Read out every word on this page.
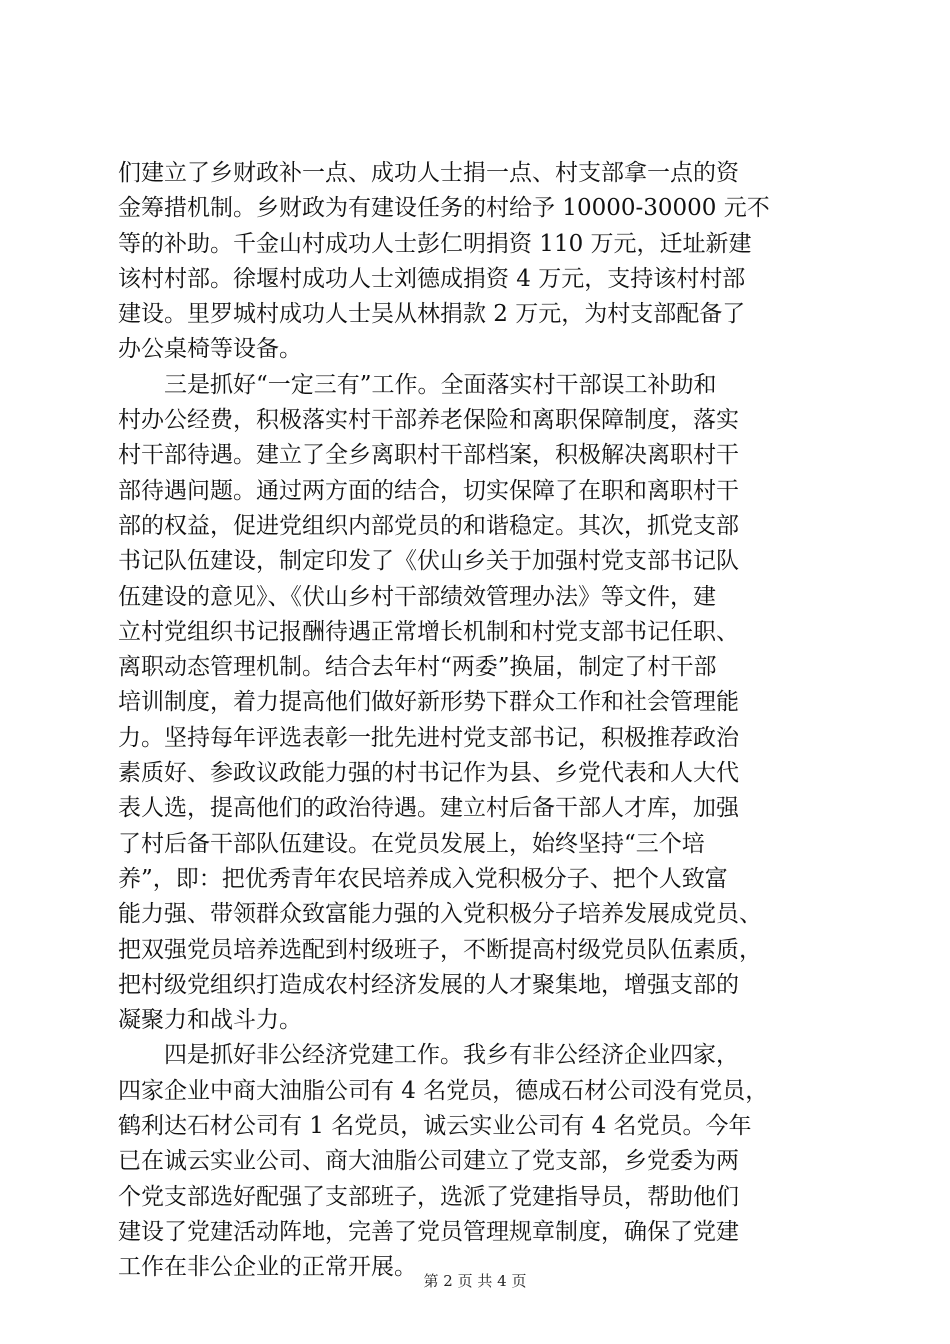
们建立了乡财政补一点、成功人士捐一点、村支部拿一点的资
金筹措机制。乡财政为有建设任务的村给予 10000-30000 元不
等的补助。千金山村成功人士彭仁明捐资 110 万元，迁址新建
该村村部。徐堰村成功人士刘德成捐资 4 万元，支持该村村部
建设。里罗城村成功人士吴从林捐款 2 万元，为村支部配备了
办公桌椅等设备。
　　三是抓好“一定三有”工作。全面落实村干部误工补助和
村办公经费，积极落实村干部养老保险和离职保障制度，落实
村干部待遇。建立了全乡离职村干部档案，积极解决离职村干
部待遇问题。通过两方面的结合，切实保障了在职和离职村干
部的权益，促进党组织内部党员的和谐稳定。其次，抓党支部
书记队伍建设，制定印发了《伏山乡关于加强村党支部书记队
伍建设的意见》、《伏山乡村干部绩效管理办法》等文件，建
立村党组织书记报酬待遇正常增长机制和村党支部书记任职、
离职动态管理机制。结合去年村“两委”换届，制定了村干部
培训制度，着力提高他们做好新形势下群众工作和社会管理能
力。坚持每年评选表彰一批先进村党支部书记，积极推荐政治
素质好、参政议政能力强的村书记作为县、乡党代表和人大代
表人选，提高他们的政治待遇。建立村后备干部人才库，加强
了村后备干部队伍建设。在党员发展上，始终坚持“三个培
养”，即：把优秀青年农民培养成入党积极分子、把个人致富
能力强、带领群众致富能力强的入党积极分子培养发展成党员、
把双强党员培养选配到村级班子，不断提高村级党员队伍素质，
把村级党组织打造成农村经济发展的人才聚集地，增强支部的
凝聚力和战斗力。
　　四是抓好非公经济党建工作。我乡有非公经济企业四家，
四家企业中商大油脂公司有 4 名党员，德成石材公司没有党员，
鹤利达石材公司有 1 名党员，诚云实业公司有 4 名党员。今年
已在诚云实业公司、商大油脂公司建立了党支部，乡党委为两
个党支部选好配强了支部班子，选派了党建指导员，帮助他们
建设了党建活动阵地，完善了党员管理规章制度，确保了党建
工作在非公企业的正常开展。
第 2 页 共 4 页
